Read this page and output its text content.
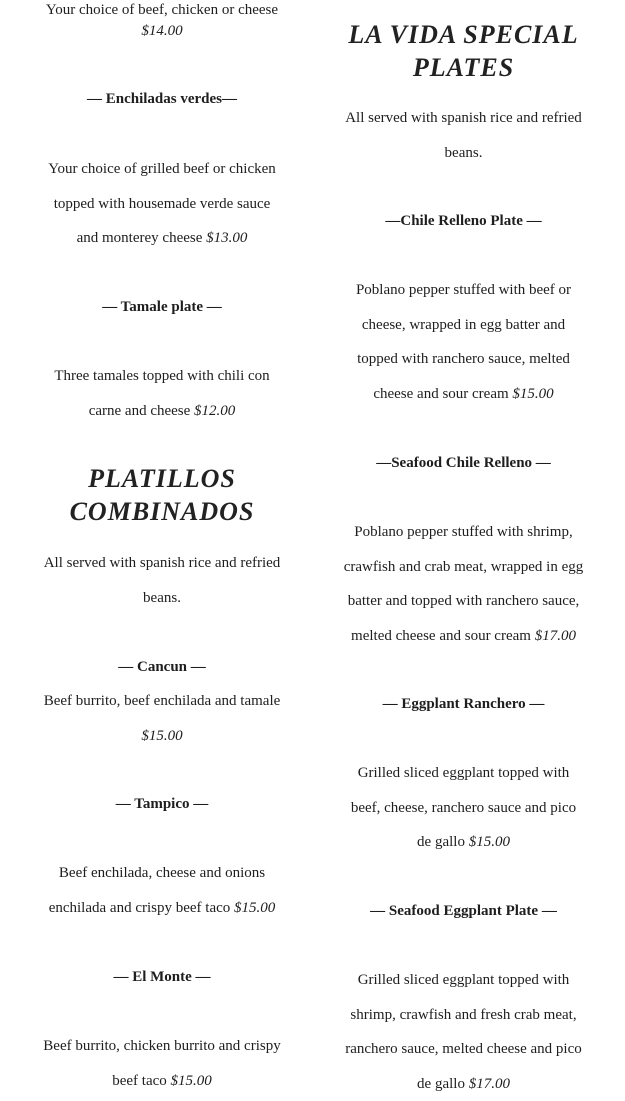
Your choice of beef, chicken or cheese
$14.00
— Enchiladas verdes—
Your choice of grilled beef or chicken
topped with housemade verde sauce
and monterey cheese $13.00
— Tamale plate —
Three tamales topped with chili con
carne and cheese $12.00
PLATILLOS
COMBINADOS
All served with spanish rice and refried
beans.
— Cancun —
Beef burrito, beef enchilada and tamale
$15.00
— Tampico —
Beef enchilada, cheese and onions
enchilada and crispy beef taco $15.00
— El Monte —
Beef burrito, chicken burrito and crispy
beef taco $15.00
LA VIDA SPECIAL
PLATES
All served with spanish rice and refried
beans.
—Chile Relleno Plate —
Poblano pepper stuffed with beef or
cheese, wrapped in egg batter and
topped with ranchero sauce, melted
cheese and sour cream $15.00
—Seafood Chile Relleno —
Poblano pepper stuffed with shrimp,
crawfish and crab meat, wrapped in egg
batter and topped with ranchero sauce,
melted cheese and sour cream $17.00
— Eggplant Ranchero —
Grilled sliced eggplant topped with
beef, cheese, ranchero sauce and pico
de gallo $15.00
— Seafood Eggplant Plate —
Grilled sliced eggplant topped with
shrimp, crawfish and fresh crab meat,
ranchero sauce, melted cheese and pico
de gallo $17.00
